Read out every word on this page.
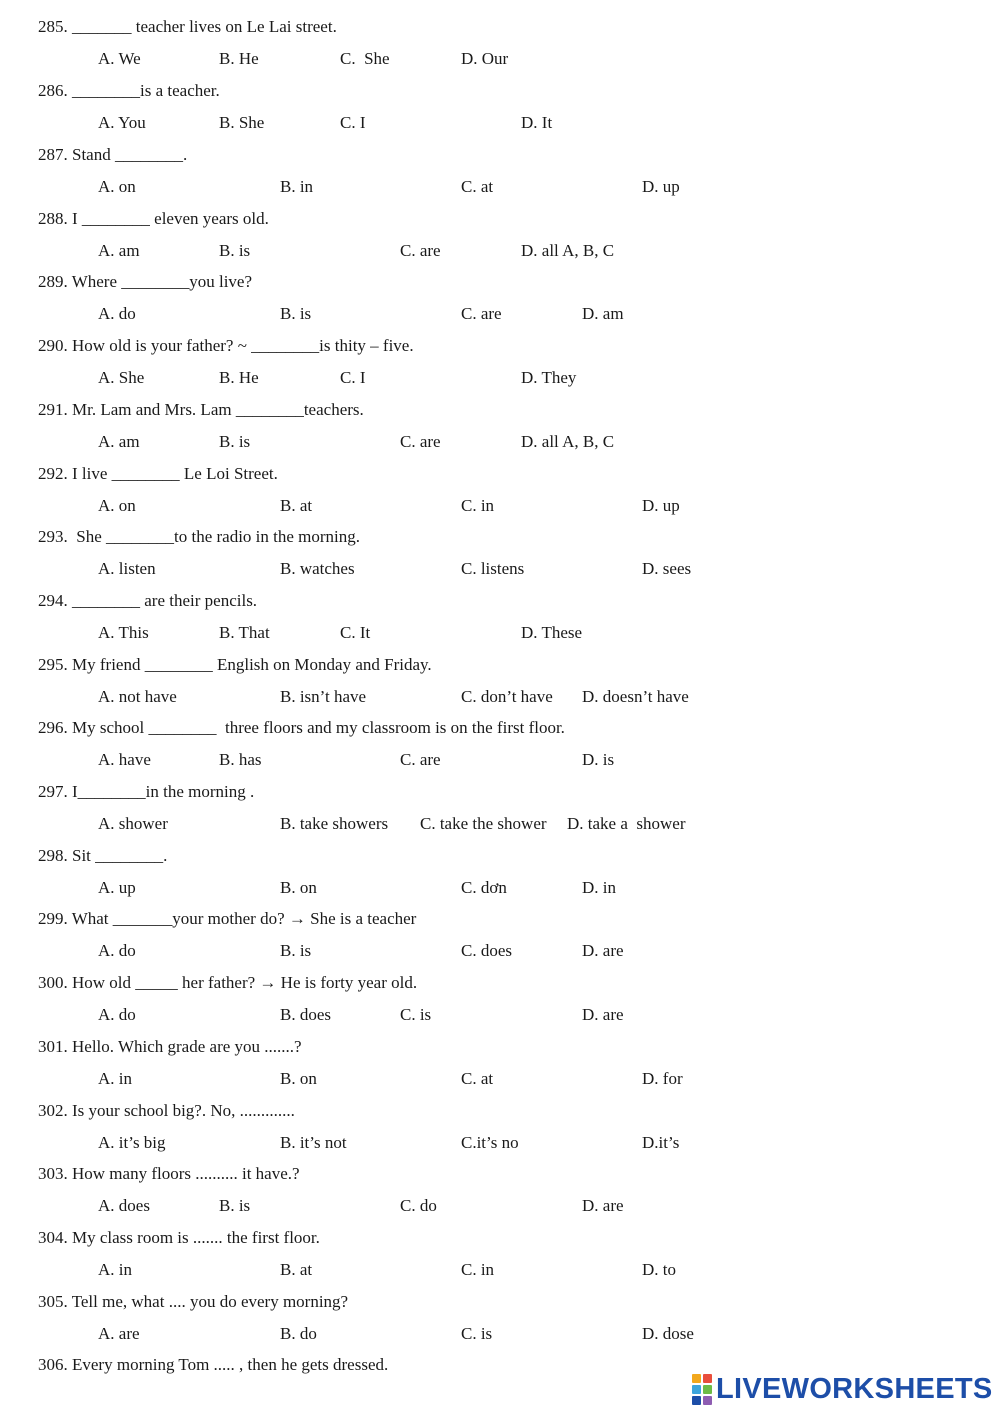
285. _______ teacher lives on Le Lai street.
A. We	B. He	C.  She	D. Our
286. ________is a teacher.
A. You	B. She	C. I	D. It
287. Stand ________.
A. on	B. in	C. at	D. up
288. I ________ eleven years old.
A. am	B. is	C. are	D. all A, B, C
289. Where ________you live?
A. do	B. is	C. are	D. am
290. How old is your father? ~ ________is thity – five.
A. She	B. He	C. I	D. They
291. Mr. Lam and Mrs. Lam ________teachers.
A. am	B. is	C. are	D. all A, B, C
292. I live ________ Le Loi Street.
A. on	B. at	C. in	D. up
293.  She ________to the radio in the morning.
A. listen	B. watches	C. listens	D. sees
294. ________ are their pencils.
A. This	B. That	C. It	D. These
295. My friend ________ English on Monday and Friday.
A. not have	B. isn’t have	C. don’t have D. doesn’t have
296. My school ________  three floors and my classroom is on the first floor.
A. have	B. has	C. are	D. is
297. I________in the morning .
A. shower	B. take showers C. take the shower D. take a  shower
298. Sit ________.
A. up	B. on	C. dơn	D. in
299. What _______your mother do? → She is a teacher
A. do	B. is	C. does	D. are
300. How old _____ her father? → He is forty year old.
A. do	B. does	C. is	D. are
301. Hello. Which grade are you .......?
A. in	B. on	C. at	D. for
302. Is your school big?. No, .............
A. it’s big	B. it’s not	C.it’s no	D.it’s
303. How many floors .......... it have.?
A. does	B. is	C. do	D. are
304. My class room is ....... the first floor.
A. in	B. at	C. in	D. to
305. Tell me, what .... you do every morning?
A. are	B. do	C. is	D. dose
306. Every morning Tom ..... , then he gets dressed.
LIVEWORKSHEETS
